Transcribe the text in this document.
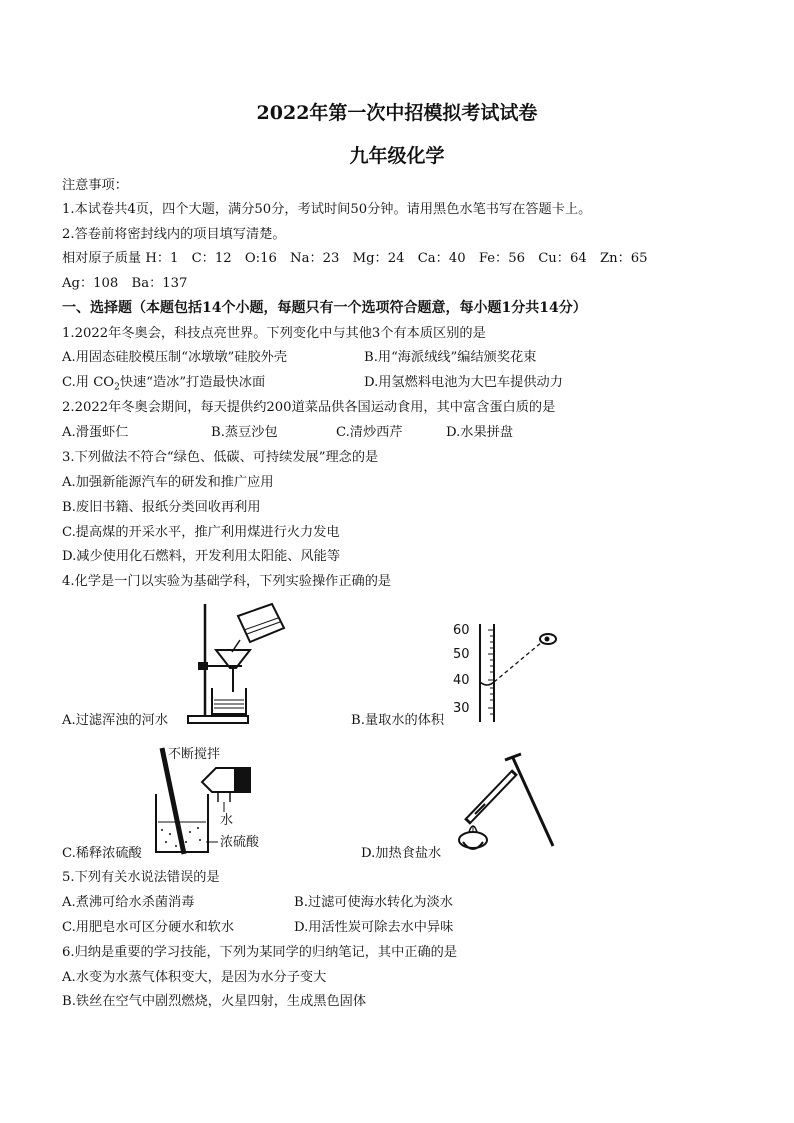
2022年第一次中招模拟考试试卷
九年级化学
注意事项：
1.本试卷共4页，四个大题，满分50分，考试时间50分钟。请用黑色水笔书写在答题卡上。
2.答卷前将密封线内的项目填写清楚。
相对原子质量 H：1　C：12　O:16　Na：23　Mg：24　Ca：40　Fe：56　Cu：64　Zn：65
Ag：108　Ba：137
一、选择题（本题包括14个小题，每题只有一个选项符合题意，每小题1分共14分）
1.2022年冬奥会，科技点亮世界。下列变化中与其他3个有本质区别的是
A.用固态硅胶模压制“冰墩墩”硅胶外壳	B.用“海派绒线”编结颁奖花束
C.用 $CO_2$快速“造冰”打造最快冰面	D.用氢燃料电池为大巴车提供动力
2.2022年冬奥会期间，每天提供约200道菜品供各国运动食用，其中富含蛋白质的是
A.滑蛋虾仁	B.蒸豆沙包	C.清炒西芹	D.水果拼盘
3.下列做法不符合“绿色、低碳、可持续发展”理念的是
A.加强新能源汽车的研发和推广应用
B.废旧书籍、报纸分类回收再利用
C.提高煤的开采水平，推广利用煤进行火力发电
D.减少使用化石燃料，开发利用太阳能、风能等
4.化学是一门以实验为基础学科，下列实验操作正确的是
A.过滤浑浊的河水
60
50
40
30
B.量取水的体积
不断搅拌
水
浓硫酸
C.稀释浓硫酸	D.加热食盐水
5.下列有关水说法错误的是
A.煮沸可给水杀菌消毒	B.过滤可使海水转化为淡水
C.用肥皂水可区分硬水和软水	D.用活性炭可除去水中异味
6.归纳是重要的学习技能，下列为某同学的归纳笔记，其中正确的是
A.水变为水蒸气体积变大，是因为水分子变大
B.铁丝在空气中剧烈燃烧，火星四射，生成黑色固体
